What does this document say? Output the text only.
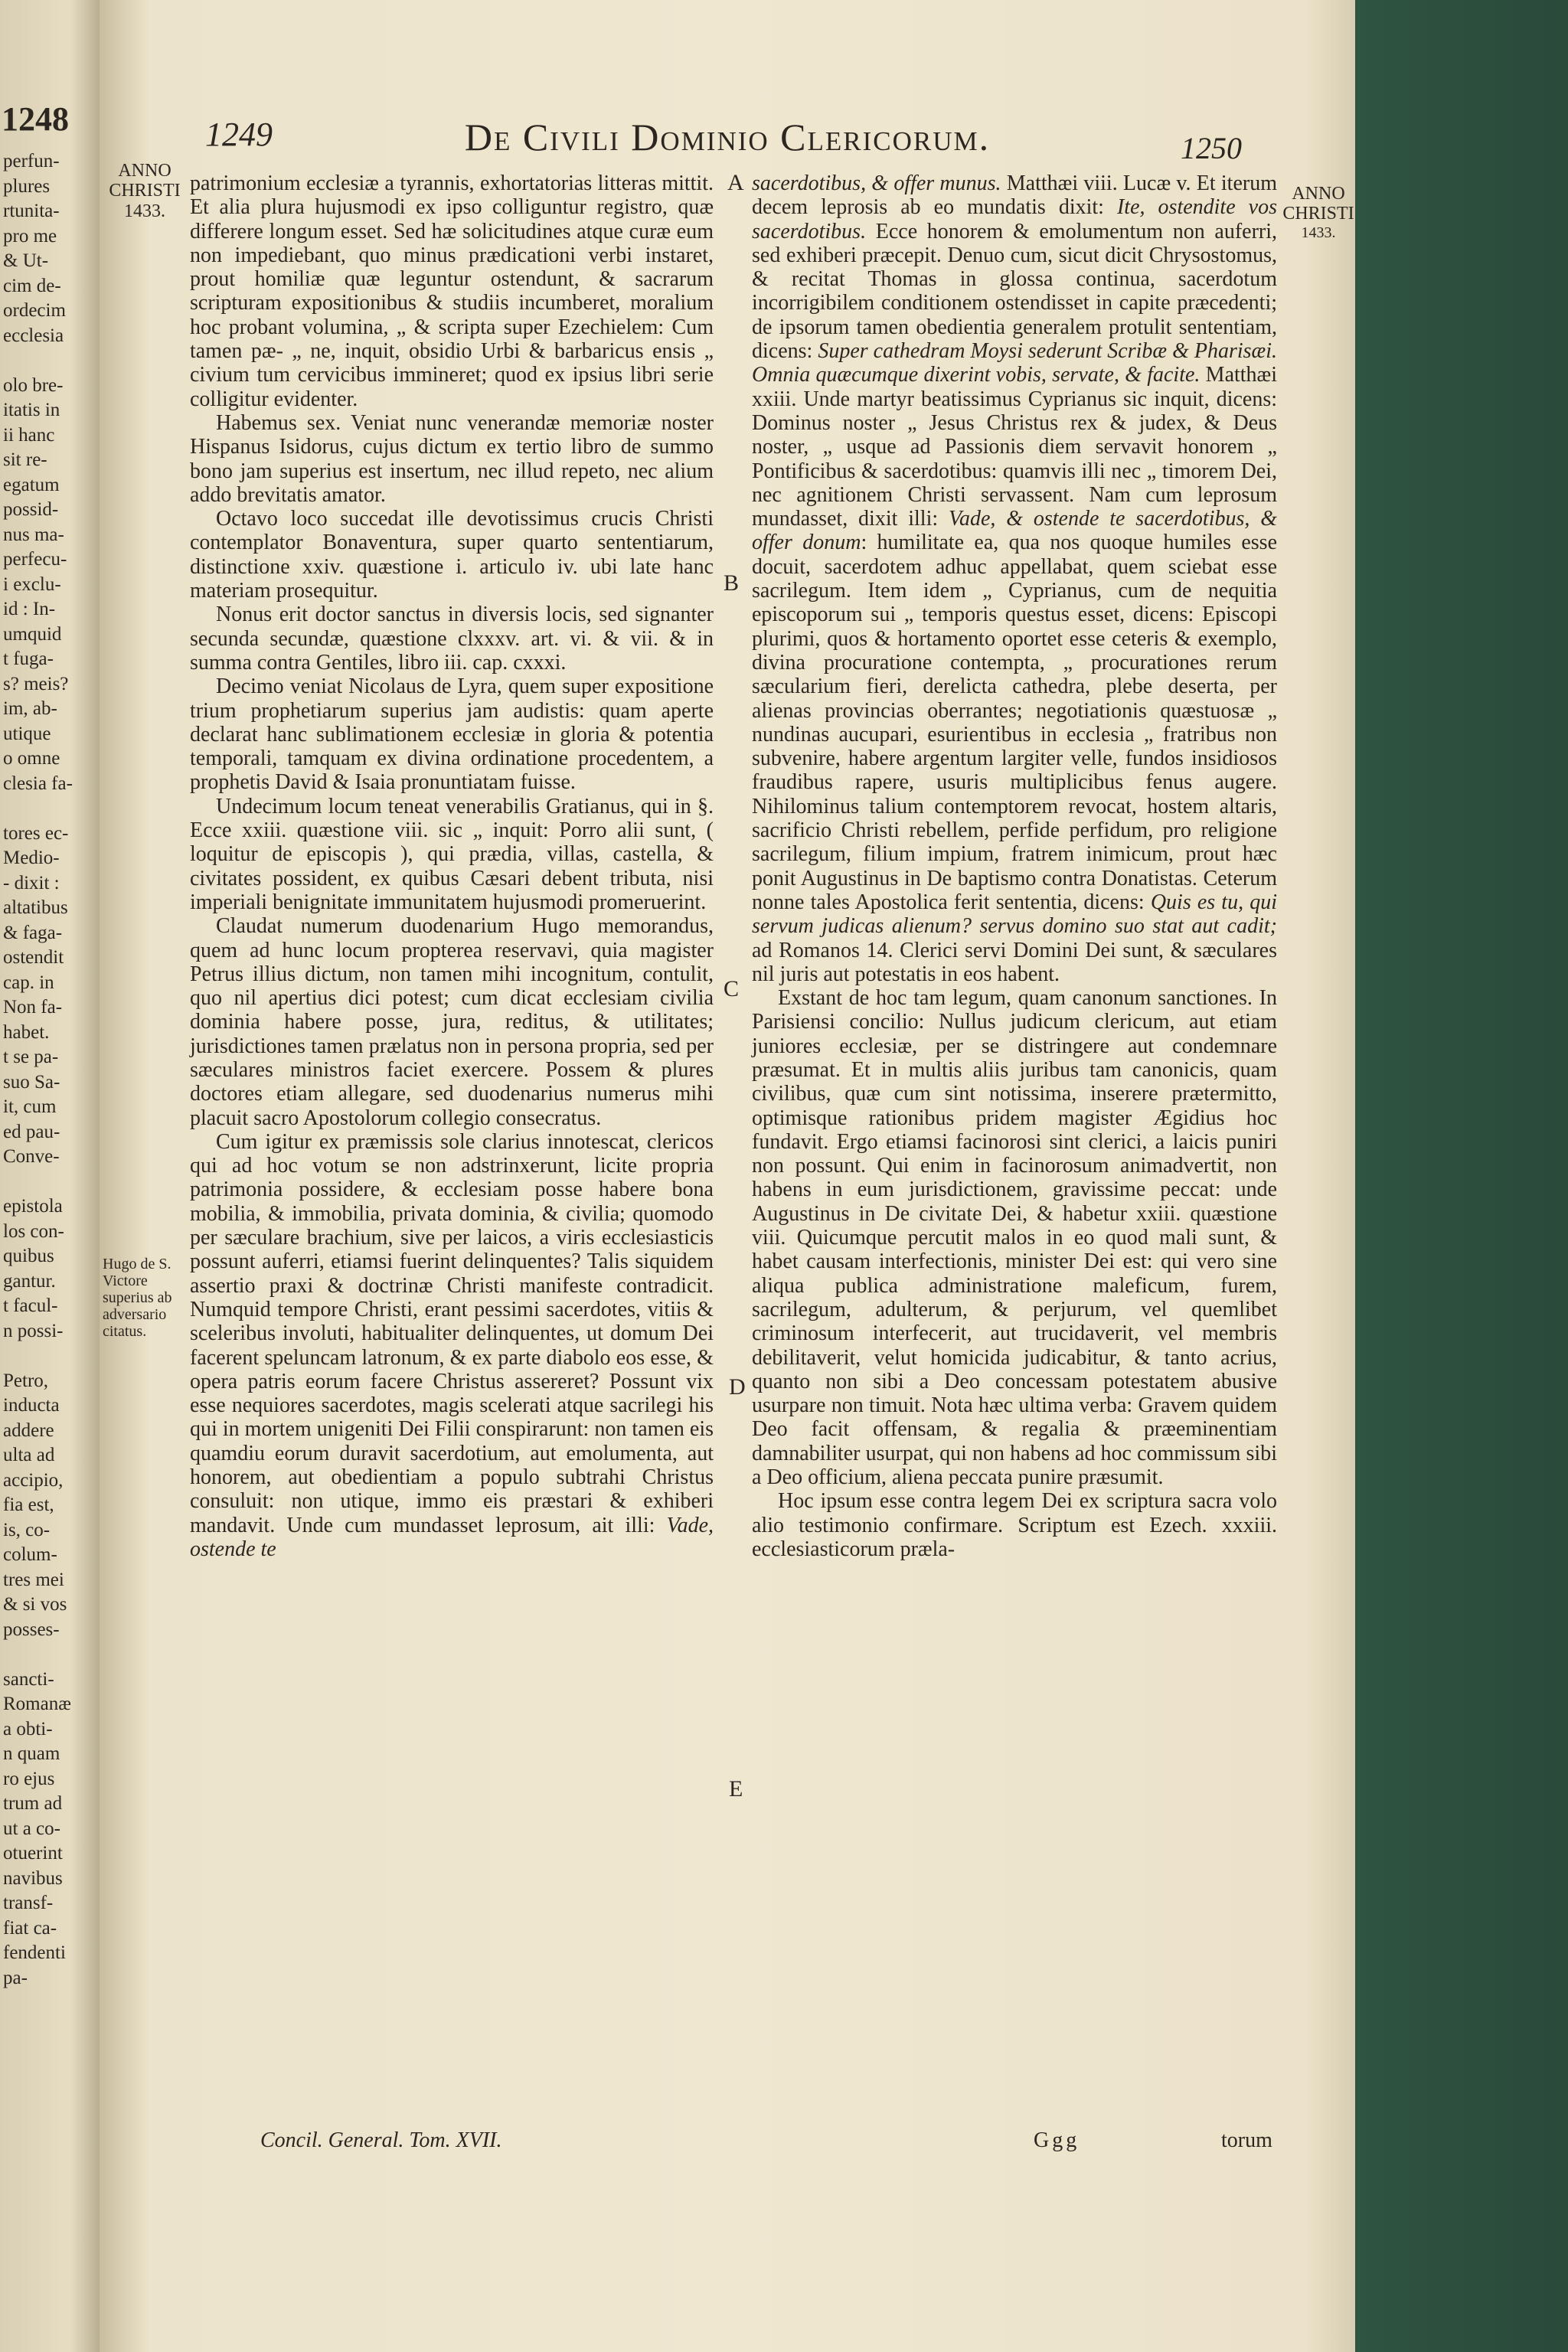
1248
perfun-
plures
rtunita-
pro me
& Ut-
cim de-
ordecim
ecclesia

olo bre-
itatis in
ii hanc
sit re-
egatum
possid-
nus ma-
perfecu-
i exclu-
id : In-
umquid
t fuga-
s? meis?
im, ab-
utique
o omne
clesia fa-

tores ec-
Medio-
- dixit :
altatibus
& faga-
ostendit
cap. in
Non fa-
habet.
t se pa-
suo Sa-
it, cum
ed pau-
Conve-

epistola
los con-
quibus
gantur.
t facul-
n possi-

Petro,
inducta
addere
ulta ad
accipio,
fia est,
is, co-
colum-
tres mei
& si vos
posses-

sancti-
Romanæ
a obti-
n quam
ro ejus
trum ad
ut a co-
otuerint
navibus
transf-
fiat ca-
fendenti
pa-
1249	De Civili Dominio Clericorum.	1250
ANNO CHRISTI 1433.
ANNO
CHRISTI
1433.
Hugo de S. Victore superius ab adversario citatus.
A
B
C
D
E

patrimonium ecclesiæ a tyrannis, exhortatorias litteras mittit. Et alia plura hujusmodi ex ipso colliguntur registro, quæ differere longum esset. Sed hæ solicitudines atque curæ eum non impediebant, quo minus prædicationi verbi instaret, prout homiliæ quæ leguntur ostendunt, & sacrarum scripturam expositionibus & studiis incumberet, moralium hoc probant volumina, „ & scripta super Ezechielem: Cum tamen pæ- „ ne, inquit, obsidio Urbi & barbaricus ensis „ civium tum cervicibus immineret; quod ex ipsius libri serie colligitur evidenter.

Habemus sex. Veniat nunc venerandæ memoriæ noster Hispanus Isidorus, cujus dictum ex tertio libro de summo bono jam superius est insertum, nec illud repeto, nec alium addo brevitatis amator.

Octavo loco succedat ille devotissimus crucis Christi contemplator Bonaventura, super quarto sententiarum, distinctione xxiv. quæstione i. articulo iv. ubi late hanc materiam prosequitur.

Nonus erit doctor sanctus in diversis locis, sed signanter secunda secundæ, quæstione clxxxv. art. vi. & vii. & in summa contra Gentiles, libro iii. cap. cxxxi.

Decimo veniat Nicolaus de Lyra, quem super expositione trium prophetiarum superius jam audistis: quam aperte declarat hanc sublimationem ecclesiæ in gloria & potentia temporali, tamquam ex divina ordinatione procedentem, a prophetis David & Isaia pronuntiatam fuisse.

Undecimum locum teneat venerabilis Gratianus, qui in §. Ecce xxiii. quæstione viii. sic „ inquit: Porro alii sunt, ( loquitur de episcopis ), qui prædia, villas, castella, & civitates possident, ex quibus Cæsari debent tributa, nisi imperiali benignitate immunitatem hujusmodi promeruerint.

Claudat numerum duodenarium Hugo memorandus, quem ad hunc locum propterea reservavi, quia magister Petrus illius dictum, non tamen mihi incognitum, contulit, quo nil apertius dici potest; cum dicat ecclesiam civilia dominia habere posse, jura, reditus, & utilitates; jurisdictiones tamen prælatus non in persona propria, sed per sæculares ministros faciet exercere. Possem & plures doctores etiam allegare, sed duodenarius numerus mihi placuit sacro Apostolorum collegio consecratus.

Cum igitur ex præmissis sole clarius innotescat, clericos qui ad hoc votum se non adstrinxerunt, licite propria patrimonia possidere, & ecclesiam posse habere bona mobilia, & immobilia, privata dominia, & civilia; quomodo per sæculare brachium, sive per laicos, a viris ecclesiasticis possunt auferri, etiamsi fuerint delinquentes? Talis siquidem assertio praxi & doctrinæ Christi manifeste contradicit. Numquid tempore Christi, erant pessimi sacerdotes, vitiis & sceleribus involuti, habitualiter delinquentes, ut domum Dei facerent speluncam latronum, & ex parte diabolo eos esse, & opera patris eorum facere Christus assereret? Possunt vix esse nequiores sacerdotes, magis scelerati atque sacrilegi his qui in mortem unigeniti Dei Filii conspirarunt: non tamen eis quamdiu eorum duravit sacerdotium, aut emolumenta, aut honorem, aut obedientiam a populo subtrahi Christus consuluit: non utique, immo eis præstari & exhiberi mandavit. Unde cum mundasset leprosum, ait illi: Vade, ostende te

sacerdotibus, & offer munus. Matthæi viii. Lucæ v. Et iterum decem leprosis ab eo mundatis dixit: Ite, ostendite vos sacerdotibus. Ecce honorem & emolumentum non auferri, sed exhiberi præcepit. Denuo cum, sicut dicit Chrysostomus, & recitat Thomas in glossa continua, sacerdotum incorrigibilem conditionem ostendisset in capite præcedenti; de ipsorum tamen obedientia generalem protulit sententiam, dicens: Super cathedram Moysi sederunt Scribæ & Pharisæi. Omnia quæcumque dixerint vobis, servate, & facite. Matthæi xxiii. Unde martyr beatissimus Cyprianus sic inquit, dicens: Dominus noster „ Jesus Christus rex & judex, & Deus noster, „ usque ad Passionis diem servavit honorem „ Pontificibus & sacerdotibus: quamvis illi nec „ timorem Dei, nec agnitionem Christi servassent. Nam cum leprosum mundasset, dixit illi: Vade, & ostende te sacerdotibus, & offer donum: humilitate ea, qua nos quoque humiles esse docuit, sacerdotem adhuc appellabat, quem sciebat esse sacrilegum. Item idem „ Cyprianus, cum de nequitia episcoporum sui „ temporis questus esset, dicens: Episcopi plurimi, quos & hortamento oportet esse ceteris & exemplo, divina procuratione contempta, „ procurationes rerum sæcularium fieri, derelicta cathedra, plebe deserta, per alienas provincias oberrantes; negotiationis quæstuosæ „ nundinas aucupari, esurientibus in ecclesia „ fratribus non subvenire, habere argentum largiter velle, fundos insidiosos fraudibus rapere, usuris multiplicibus fenus augere. Nihilominus talium contemptorem revocat, hostem altaris, sacrificio Christi rebellem, perfide perfidum, pro religione sacrilegum, filium impium, fratrem inimicum, prout hæc ponit Augustinus in De baptismo contra Donatistas. Ceterum nonne tales Apostolica ferit sententia, dicens: Quis es tu, qui servum judicas alienum? servus domino suo stat aut cadit; ad Romanos 14. Clerici servi Domini Dei sunt, & sæculares nil juris aut potestatis in eos habent.

Exstant de hoc tam legum, quam canonum sanctiones. In Parisiensi concilio: Nullus judicum clericum, aut etiam juniores ecclesiæ, per se distringere aut condemnare præsumat. Et in multis aliis juribus tam canonicis, quam civilibus, quæ cum sint notissima, inserere prætermitto, optimisque rationibus pridem magister Ægidius hoc fundavit. Ergo etiamsi facinorosi sint clerici, a laicis puniri non possunt. Qui enim in facinorosum animadvertit, non habens in eum jurisdictionem, gravissime peccat: unde Augustinus in De civitate Dei, & habetur xxiii. quæstione viii. Quicumque percutit malos in eo quod mali sunt, & habet causam interfectionis, minister Dei est: qui vero sine aliqua publica administratione maleficum, furem, sacrilegum, adulterum, & perjurum, vel quemlibet criminosum interfecerit, aut trucidaverit, vel membris debilitaverit, velut homicida judicabitur, & tanto acrius, quanto non sibi a Deo concessam potestatem abusive usurpare non timuit. Nota hæc ultima verba: Gravem quidem Deo facit offensam, & regalia & præeminentiam damnabiliter usurpat, qui non habens ad hoc commissum sibi a Deo officium, aliena peccata punire præsumit.

Hoc ipsum esse contra legem Dei ex scriptura sacra volo alio testimonio confirmare. Scriptum est Ezech. xxxiii. ecclesiasticorum præla-

Concil. General. Tom. XVII.	Ggg	torum
